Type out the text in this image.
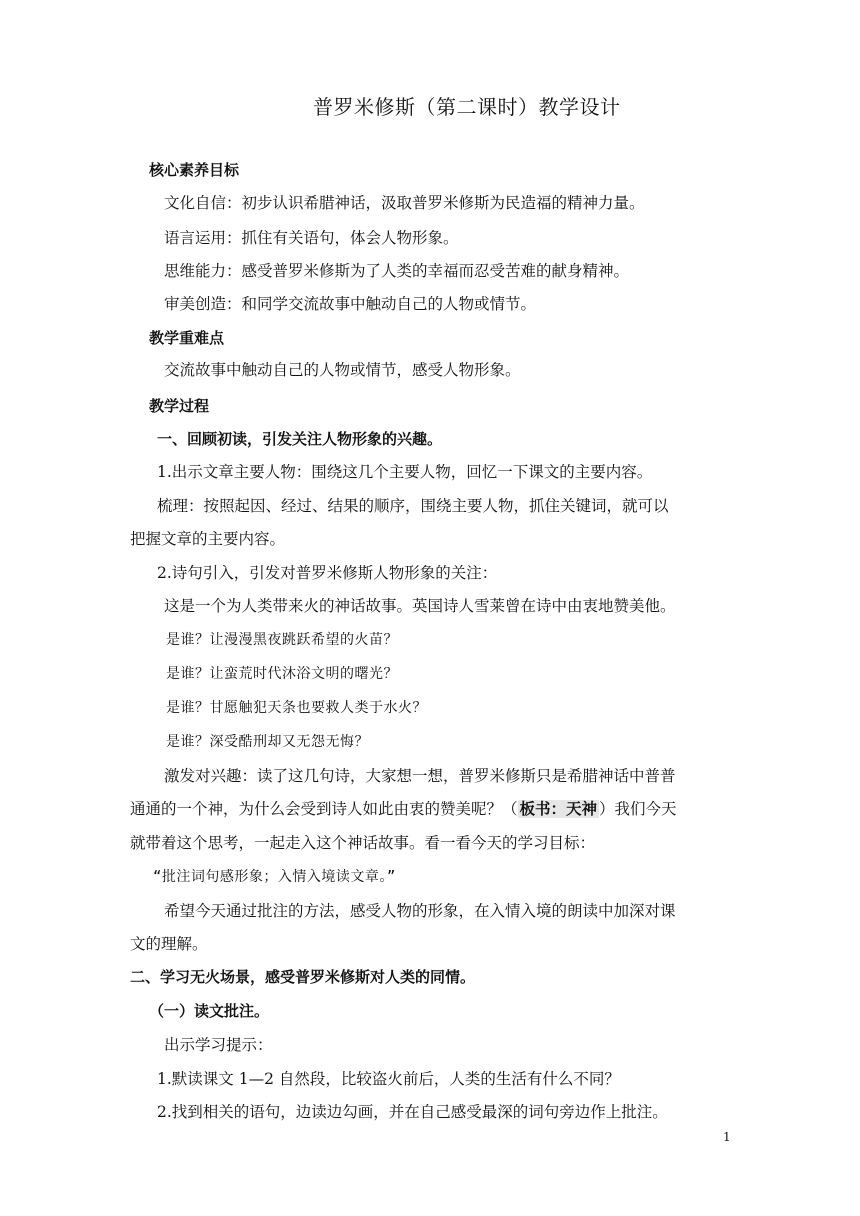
普罗米修斯（第二课时）教学设计
核心素养目标
文化自信：初步认识希腊神话，汲取普罗米修斯为民造福的精神力量。
语言运用：抓住有关语句，体会人物形象。
思维能力：感受普罗米修斯为了人类的幸福而忍受苦难的献身精神。
审美创造：和同学交流故事中触动自己的人物或情节。
教学重难点
交流故事中触动自己的人物或情节，感受人物形象。
教学过程
一、回顾初读，引发关注人物形象的兴趣。
1.出示文章主要人物：围绕这几个主要人物，回忆一下课文的主要内容。
梳理：按照起因、经过、结果的顺序，围绕主要人物，抓住关键词，就可以
把握文章的主要内容。
2.诗句引入，引发对普罗米修斯人物形象的关注：
这是一个为人类带来火的神话故事。英国诗人雪莱曾在诗中由衷地赞美他。
是谁？让漫漫黑夜跳跃希望的火苗？
是谁？让蛮荒时代沐浴文明的曙光？
是谁？甘愿触犯天条也要救人类于水火？
是谁？深受酷刑却又无怨无悔？
激发对兴趣：读了这几句诗，大家想一想，普罗米修斯只是希腊神话中普普
通通的一个神，为什么会受到诗人如此由衷的赞美呢？（ 板书：天神 ）我们今天
就带着这个思考，一起走入这个神话故事。看一看今天的学习目标：
“批注词句感形象；入情入境读文章。”
希望今天通过批注的方法，感受人物的形象，在入情入境的朗读中加深对课
文的理解。
二、学习无火场景，感受普罗米修斯对人类的同情。
（一）读文批注。
出示学习提示：
1.默读课文 1—2 自然段，比较盗火前后，人类的生活有什么不同？
2.找到相关的语句，边读边勾画，并在自己感受最深的词句旁边作上批注。
1
